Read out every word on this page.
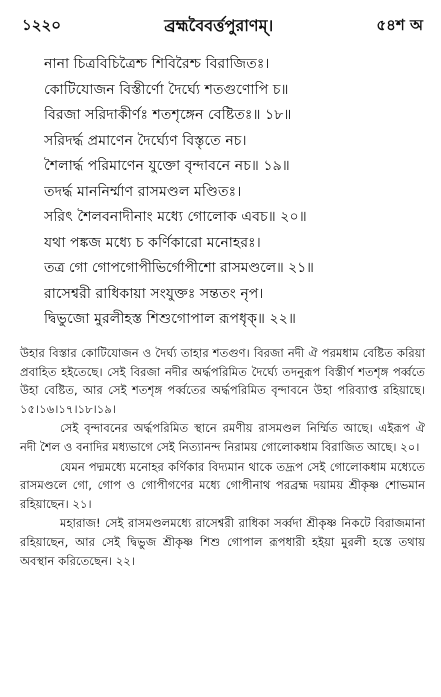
১২২০	ব্রহ্মবৈবর্ত্তপুরাণম্।	৫৪শ অ
নানা চিত্রবিচিত্রৈশ্চ শিবিরৈশ্চ বিরাজিতঃ।
কোটিযোজন বিস্তীর্ণো দৈর্ঘ্যে শতগুণোপি চ॥
বিরজা সরিদাকীর্ণঃ শতশৃঙ্গেন বেষ্টিতঃ॥ ১৮॥
সরিদর্দ্ধ প্রমাণেন দৈর্ঘ্যেণ বিস্তৃতে নচ।
শৈলার্দ্ধ পরিমাণেন যুক্তো বৃন্দাবনে নচ॥ ১৯॥
তদর্দ্ধ মাননির্ম্মাণ রাসমণ্ডল মণ্ডিতঃ।
সরিৎ শৈলবনাদীনাং মধ্যে গোলোক এবচ॥ ২০॥
যথা পঙ্কজ মধ্যে চ কর্ণিকারো মনোহরঃ।
তত্র গো গোপগোপীভির্গোপীশো রাসমণ্ডলে॥ ২১॥
রাসেশ্বরী রাধিকায়া সংযুক্তঃ সন্ততং নৃপ।
দ্বিভুজো মুরলীহস্ত শিশুগোপাল রূপধৃক্॥ ২২॥

উহার বিস্তার কোটিযোজন ও দৈর্ঘ্য তাহার শতগুণ। বিরজা নদী ঐ পরমধাম বেষ্টিত করিয়া প্রবাহিত হইতেছে। সেই বিরজা নদীর অর্দ্ধপরিমিত দৈর্ঘ্যে তদনুরূপ বিস্তীর্ণ শতশৃঙ্গ পর্ব্বতে উহা বেষ্টিত, আর সেই শতশৃঙ্গ পর্ব্বতের অর্দ্ধপরিমিত বৃন্দাবনে উহা পরিব্যাপ্ত রহিয়াছে। ১৫।১৬।১৭।১৮।১৯।

সেই বৃন্দাবনের অর্দ্ধপরিমিত স্থানে রমণীয় রাসমণ্ডল নির্ম্মিত আছে। এইরূপ ঐ নদী শৈল ও বনাদির মধ্যভাগে সেই নিত্যানন্দ নিরাময় গোলোকধাম বিরাজিত আছে। ২০।

যেমন পদ্মমধ্যে মনোহর কর্ণিকার বিদ্যমান থাকে তদ্রূপ সেই গোলোকধাম মধ্যেতে রাসমণ্ডলে গো, গোপ ও গোপীগণের মধ্যে গোপীনাথ পরব্রহ্ম দয়াময় শ্রীকৃষ্ণ শোভমান রহিয়াছেন। ২১।

মহারাজ! সেই রাসমণ্ডলমধ্যে রাসেশ্বরী রাধিকা সর্ব্বদা শ্রীকৃষ্ণ নিকটে বিরাজমানা রহিয়াছেন, আর সেই দ্বিভুজ শ্রীকৃষ্ণ শিশু গোপাল রূপধারী হইয়া মুরলী হস্তে তথায় অবস্থান করিতেছেন। ২২।
